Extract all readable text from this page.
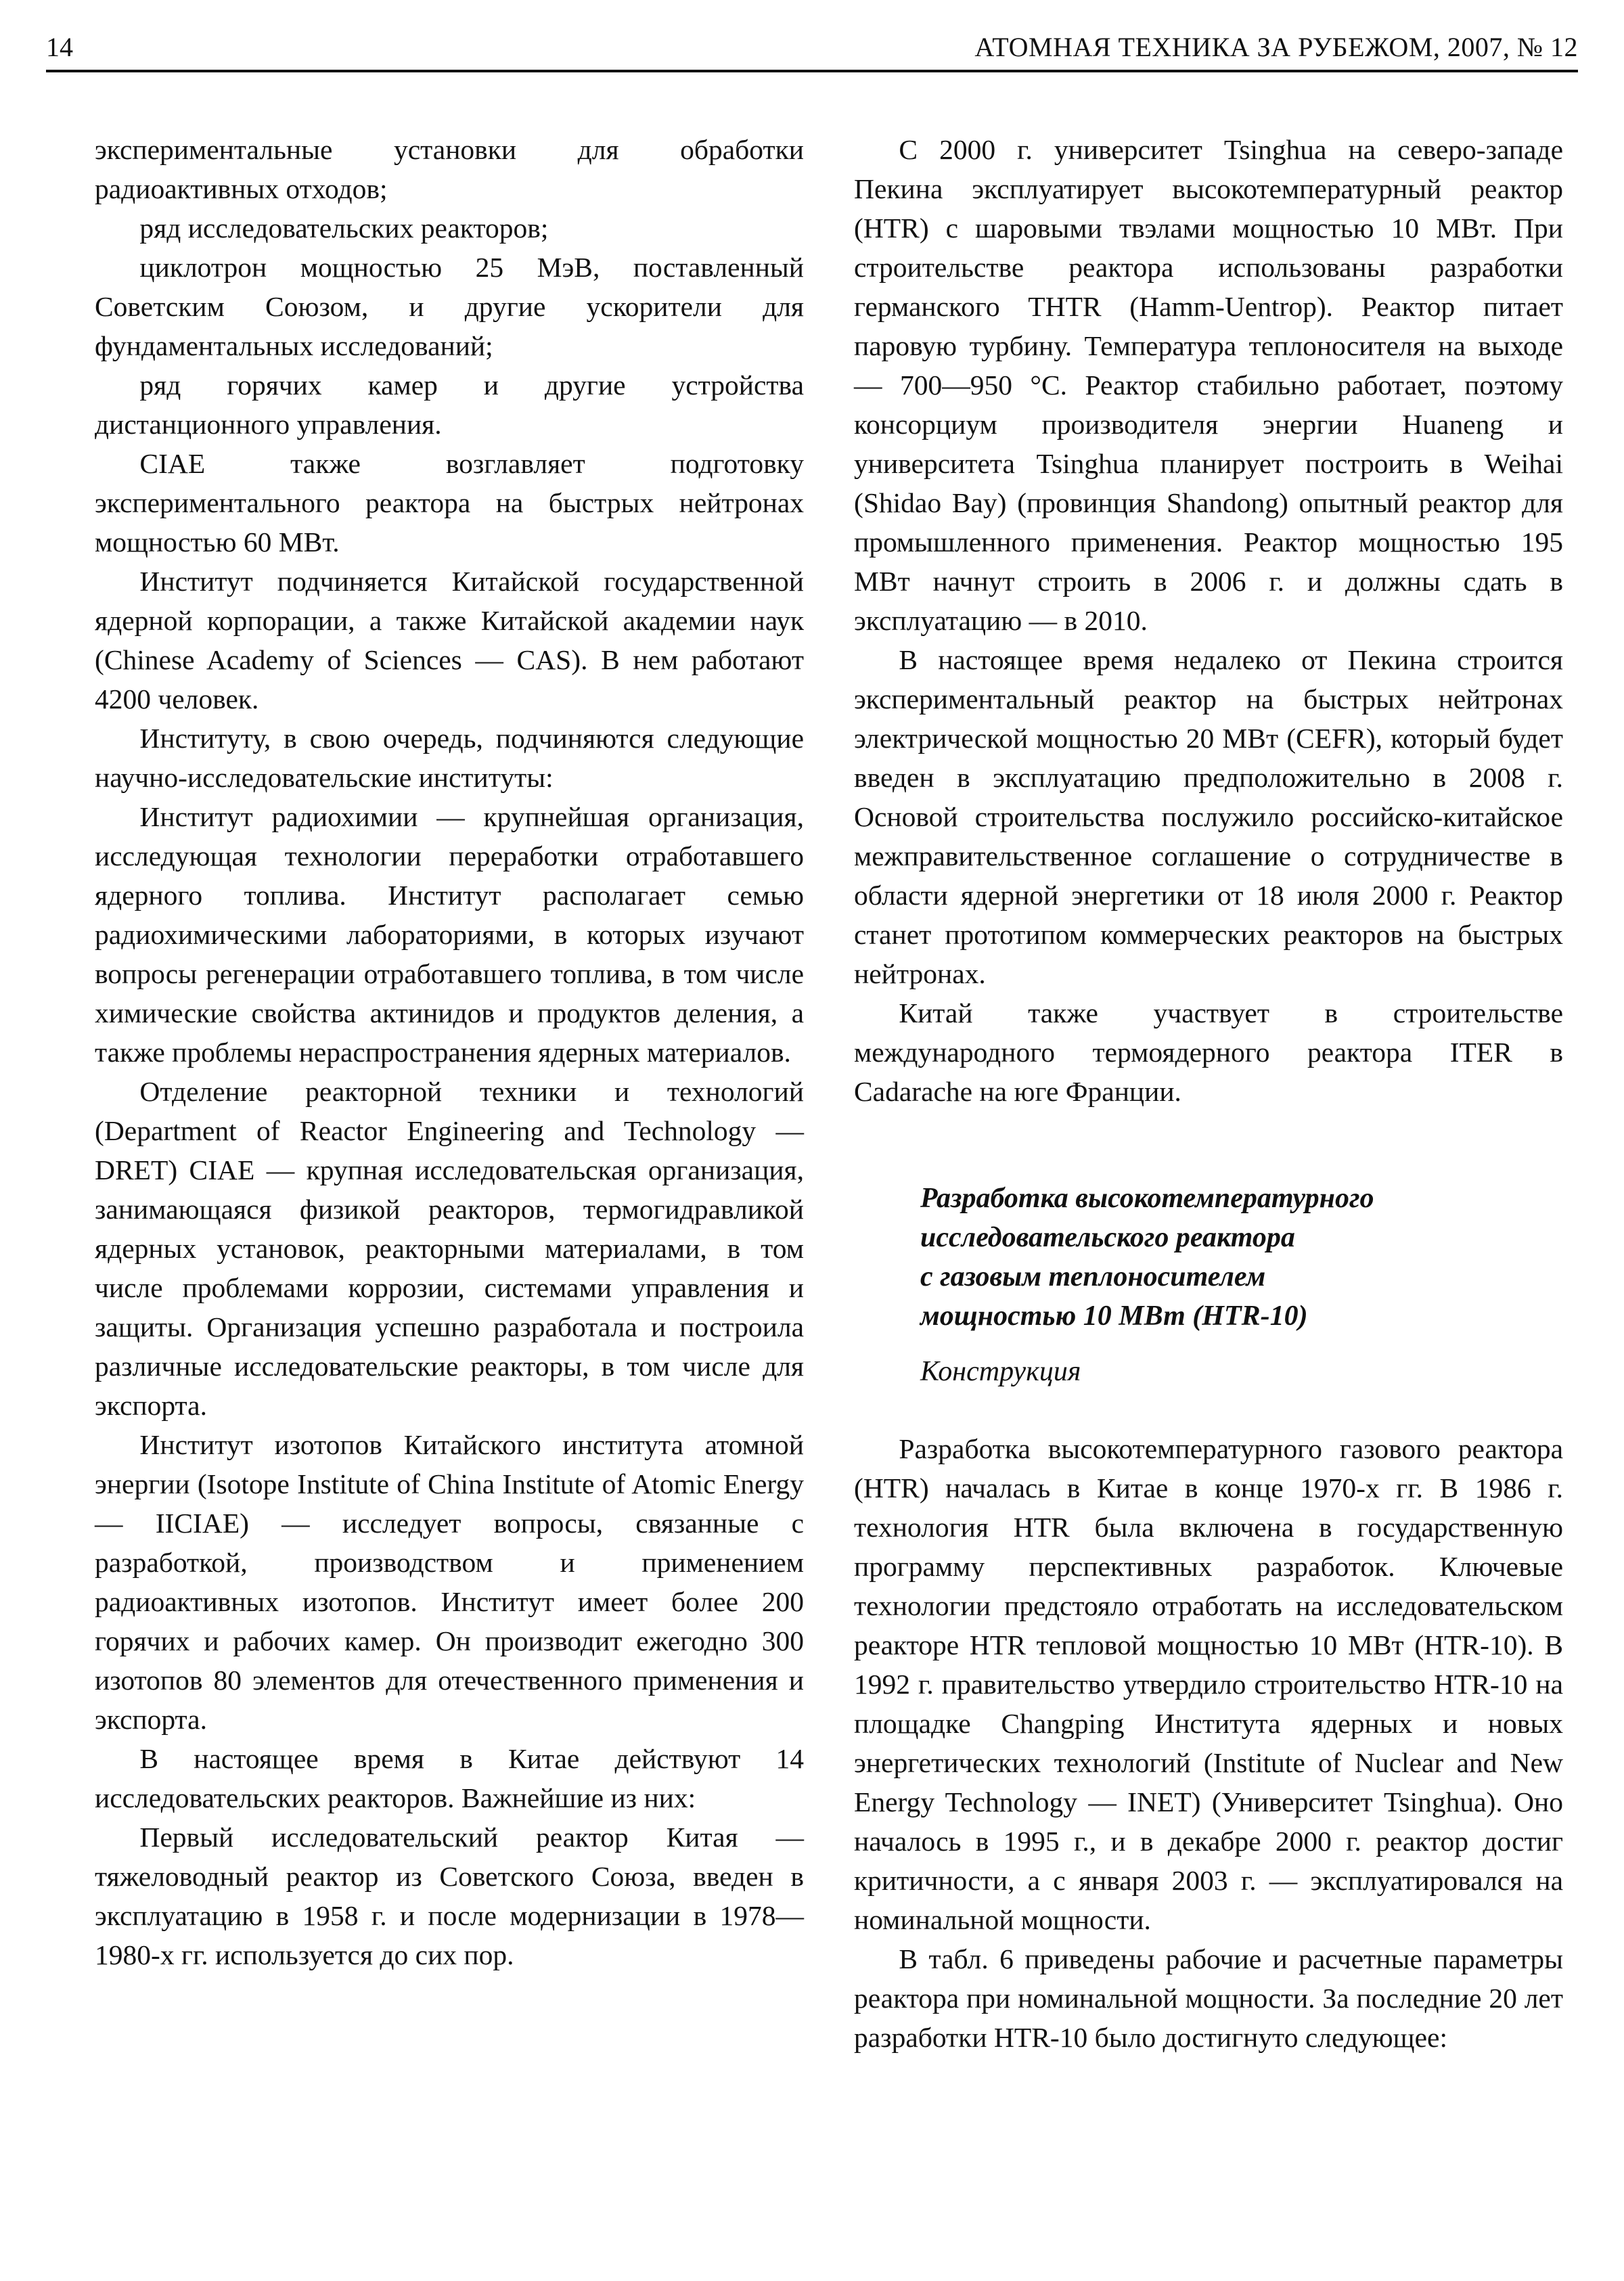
14	АТОМНАЯ ТЕХНИКА ЗА РУБЕЖОМ, 2007, № 12

экспериментальные установки для обработки радиоактивных отходов;

ряд исследовательских реакторов;

циклотрон мощностью 25 МэВ, поставленный Советским Союзом, и другие ускорители для фундаментальных исследований;

ряд горячих камер и другие устройства дистанционного управления.

CIAE также возглавляет подготовку экспериментального реактора на быстрых нейтронах мощностью 60 МВт.

Институт подчиняется Китайской государственной ядерной корпорации, а также Китайской академии наук (Chinese Academy of Sciences — CAS). В нем работают 4200 человек.

Институту, в свою очередь, подчиняются следующие научно-исследовательские институты:

Институт радиохимии — крупнейшая организация, исследующая технологии переработки отработавшего ядерного топлива. Институт располагает семью радиохимическими лабораториями, в которых изучают вопросы регенерации отработавшего топлива, в том числе химические свойства актинидов и продуктов деления, а также проблемы нераспространения ядерных материалов.

Отделение реакторной техники и технологий (Department of Reactor Engineering and Technology — DRET) CIAE — крупная исследовательская организация, занимающаяся физикой реакторов, термогидравликой ядерных установок, реакторными материалами, в том числе проблемами коррозии, системами управления и защиты. Организация успешно разработала и построила различные исследовательские реакторы, в том числе для экспорта.

Институт изотопов Китайского института атомной энергии (Isotope Institute of China Institute of Atomic Energy — IICIAE) — исследует вопросы, связанные с разработкой, производством и применением радиоактивных изотопов. Институт имеет более 200 горячих и рабочих камер. Он производит ежегодно 300 изотопов 80 элементов для отечественного применения и экспорта.

В настоящее время в Китае действуют 14 исследовательских реакторов. Важнейшие из них:

Первый исследовательский реактор Китая — тяжеловодный реактор из Советского Союза, введен в эксплуатацию в 1958 г. и после модернизации в 1978—1980-х гг. используется до сих пор.

С 2000 г. университет Tsinghua на северо-западе Пекина эксплуатирует высокотемпературный реактор (HTR) с шаровыми твэлами мощностью 10 МВт. При строительстве реактора использованы разработки германского THTR (Hamm-Uentrop). Реактор питает паровую турбину. Температура теплоносителя на выходе — 700—950 °С. Реактор стабильно работает, поэтому консорциум производителя энергии Huaneng и университета Tsinghua планирует построить в Weihai (Shidao Bay) (провинция Shandong) опытный реактор для промышленного применения. Реактор мощностью 195 МВт начнут строить в 2006 г. и должны сдать в эксплуатацию — в 2010.

В настоящее время недалеко от Пекина строится экспериментальный реактор на быстрых нейтронах электрической мощностью 20 МВт (CEFR), который будет введен в эксплуатацию предположительно в 2008 г. Основой строительства послужило российско-китайское межправительственное соглашение о сотрудничестве в области ядерной энергетики от 18 июля 2000 г. Реактор станет прототипом коммерческих реакторов на быстрых нейтронах.

Китай также участвует в строительстве международного термоядерного реактора ITER в Cadarache на юге Франции.

Разработка высокотемпературного
исследовательского реактора
с газовым теплоносителем
мощностью 10 МВт (HTR-10)
Конструкция

Разработка высокотемпературного газового реактора (HTR) началась в Китае в конце 1970-х гг. В 1986 г. технология HTR была включена в государственную программу перспективных разработок. Ключевые технологии предстояло отработать на исследовательском реакторе HTR тепловой мощностью 10 МВт (HTR-10). В 1992 г. правительство утвердило строительство HTR-10 на площадке Changping Института ядерных и новых энергетических технологий (Institute of Nuclear and New Energy Technology — INET) (Университет Tsinghua). Оно началось в 1995 г., и в декабре 2000 г. реактор достиг критичности, а с января 2003 г. — эксплуатировался на номинальной мощности.

В табл. 6 приведены рабочие и расчетные параметры реактора при номинальной мощности. За последние 20 лет разработки HTR-10 было достигнуто следующее:
